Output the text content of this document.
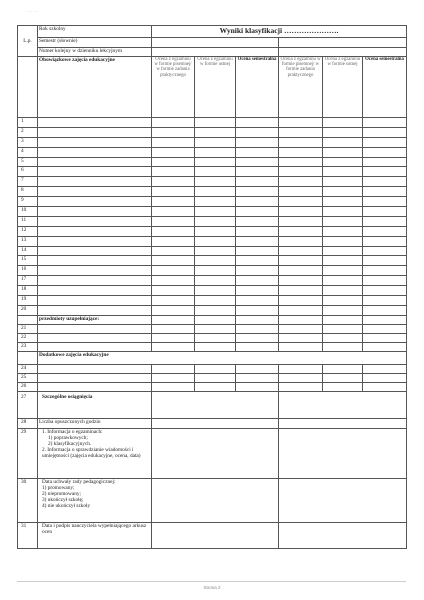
- - - - -
L.p.	Rok szkolny	Wyniki klasyfikacji ………………….					
	Semestr (słownie)						
	Numer kolejny w dzienniku lekcyjnym						
	Obowiązkowe zajęcia edukacyjne	Ocena z egzaminu w formie pisemnej/ w formie zadania praktycznego	Ocena z egzaminu w formie ustnej	Ocena semestralna	Ocena z egzaminu w formie pisemnej/ w formie zadania praktycznego	Ocena z egzaminu w formie ustnej	Ocena semestralna
1							
2							
3							
4							
5							
6							
7							
8							
9							
10							
11							
12							
13							
14							
15							
16							
17							
18							
19							
20							
	przedmioty uzupełniające:						
21							
22							
23							
	Dodatkowe zajęcia edukacyjne						
24							
25							
26							
27	Szczególne osiągnięcia						
28	Liczba opuszczonych godzin						
29	1. Informacja o egzaminach:
1) poprawkowych;
2) klasyfikacyjnych.
2. Informacja o sprawdzianie wiadomości i umiejętności (zajęcia edukacyjne, ocena, data)						

30	Data uchwały rady pedagogicznej:
1) promowany;
2) niepromowany;
3) ukończył szkołę;
4) nie ukończył szkoły						

31	Data i podpis nauczyciela wypełniającego arkusz ocen						
Strona 2
